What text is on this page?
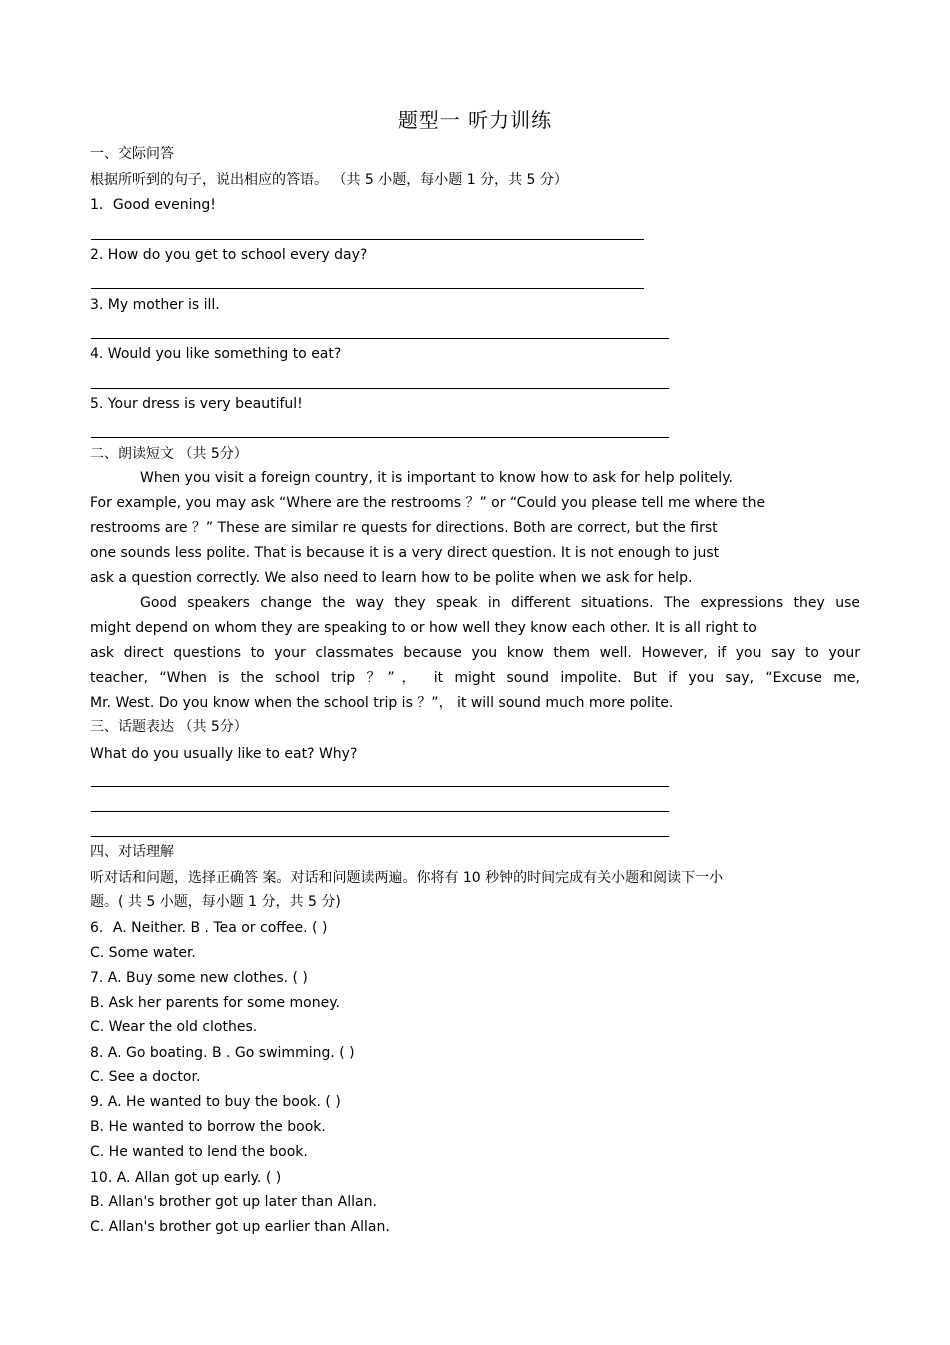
题型一 听力训练
一、交际问答
根据所听到的句子，说出相应的答语。 （共 5 小题，每小题 1 分，共 5 分）
1．Good evening!
2. How do you get to school every day?
3. My mother is ill.
4. Would you like something to eat?
5. Your dress is very beautiful!
二、朗读短文 （共 5分）
When you visit a foreign country, it is important to know how to ask for help politely.
For example, you may ask “Where are the restrooms ？” or “Could you please tell me where the
restrooms are ？” These are similar re quests for directions. Both are correct, but the first
one sounds less polite. That is because it is a very direct question. It is not enough to just
ask a question correctly. We also need to learn how to be polite when we ask for help.
Good speakers change the way they speak in different situations. The expressions they use
might depend on whom they are speaking to or how well they know each other. It is all right to
ask direct questions to your classmates because you know them well. However, if you say to your
teacher, “When is the school trip ？”， it might sound impolite. But if you say, “Excuse me,
Mr. West. Do you know when the school trip is ？”， it will sound much more polite.
三、话题表达 （共 5分）
What do you usually like to eat? Why?
四、对话理解
听对话和问题，选择正确答 案。对话和问题读两遍。你将有 10 秒钟的时间完成有关小题和阅读下一小
题。( 共 5 小题，每小题 1 分，共 5 分)
6．A. Neither. B . Tea or coffee. ( )
C. Some water.
7. A. Buy some new clothes. ( )
B. Ask her parents for some money.
C. Wear the old clothes.
8. A. Go boating. B . Go swimming. ( )
C. See a doctor.
9. A. He wanted to buy the book. ( )
B. He wanted to borrow the book.
C. He wanted to lend the book.
10. A. Allan got up early. ( )
B. Allan's brother got up later than Allan.
C. Allan's brother got up earlier than Allan.
